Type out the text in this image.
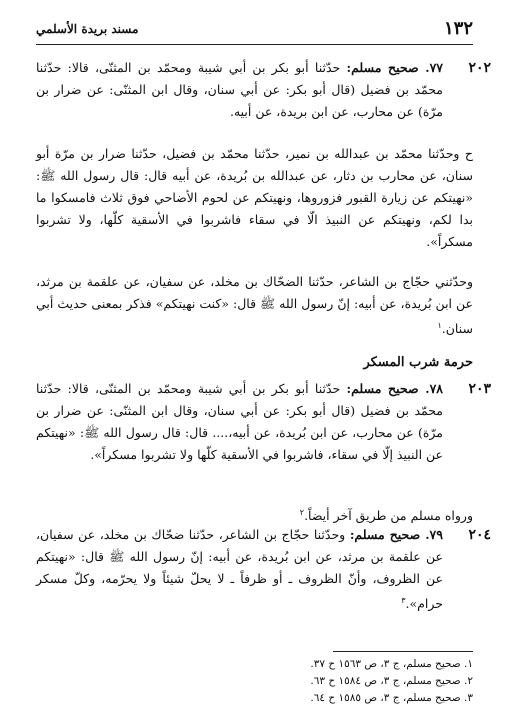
١٣٢
مسند بريدة الأسلمي
٢٠٢
٧٧. صحيح مسلم: حدّثنا أبو بكر بن أبي شيبة ومحمّد بن المثنّى، قالا: حدّثنا محمّد بن فضيل (قال أبو بكر: عن أبي سنان، وقال ابن المثنّى: عن ضرار بن مرّة) عن محارب، عن ابن بريدة، عن أبيه.
ح وحدّثنا محمّد بن عبدالله بن نمير، حدّثنا محمّد بن فضيل، حدّثنا ضرار بن مرّة أبو سنان، عن محارب بن دثار، عن عبدالله بن بُريدة، عن أبيه قال: قال رسول الله ﷺ: «نهيتكم عن زيارة القبور فزوروها، ونهيتكم عن لحوم الأضاحي فوق ثلاث فامسكوا ما بدا لكم، ونهيتكم عن النبيذ الّا في سقاء فاشربوا في الأسقية كلّها، ولا تشربوا مسكراً».
وحدّثني حجّاج بن الشاعر، حدّثنا الضحّاك بن مخلد، عن سفيان، عن علقمة بن مرثد، عن ابن بُريدة، عن أبيه: إنّ رسول الله ﷺ قال: «كنت نهيتكم» فذكر بمعنى حديث أبي سنان.$^١$
حرمة شرب المسكر
٢٠٣
٧٨. صحيح مسلم: حدّثنا أبو بكر بن أبي شيبة ومحمّد بن المثنّى، قالا: حدّثنا محمّد بن فضيل (قال أبو بكر: عن أبي سنان، وقال ابن المثنّى: عن ضرار بن مرّة) عن محارب، عن ابن بُريدة، عن أبيه،.... قال: قال رسول الله ﷺ: «نهيتكم عن النبيذ إلّا في سقاء، فاشربوا في الأسقية كلّها ولا تشربوا مسكراً».
ورواه مسلم من طريق آخر أيضاً.$^٢$
٢٠٤
٧٩. صحيح مسلم: وحدّثنا حجّاج بن الشاعر، حدّثنا ضحّاك بن مخلد، عن سفيان، عن علقمة بن مرثد، عن ابن بُريدة، عن أبيه: إنّ رسول الله ﷺ قال: «نهيتكم عن الظروف، وأنّ الظروف ـ أو ظرفاً ـ لا يحلّ شيئاً ولا يحرّمه، وكلّ مسكر حرام».$^٣$
١. صحيح مسلم، ج ٣، ص ١٥٦٣ ح ٣٧.
٢. صحيح مسلم، ج ٣، ص ١٥٨٤ ح ٦٣.
٣. صحيح مسلم، ج ٣، ص ١٥٨٥ ح ٦٤.
